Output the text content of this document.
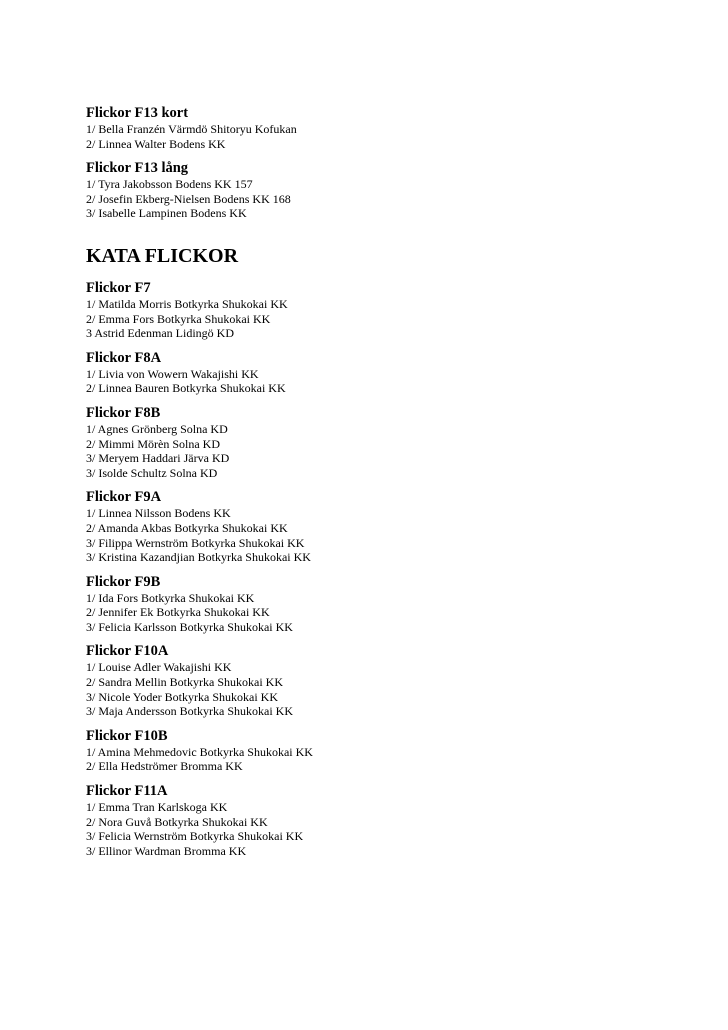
Flickor F13 kort
1/ Bella Franzén Värmdö Shitoryu Kofukan
2/ Linnea Walter Bodens KK
Flickor F13 lång
1/ Tyra Jakobsson Bodens KK 157
2/ Josefin Ekberg-Nielsen Bodens KK 168
3/ Isabelle Lampinen Bodens KK
KATA FLICKOR
Flickor F7
1/ Matilda Morris Botkyrka Shukokai KK
2/ Emma Fors Botkyrka Shukokai KK
3 Astrid Edenman Lidingö KD
Flickor F8A
1/ Livia von Wowern Wakajishi KK
2/ Linnea Bauren Botkyrka Shukokai KK
Flickor F8B
1/ Agnes Grönberg Solna KD
2/ Mimmi Mörèn Solna KD
3/ Meryem Haddari Järva KD
3/ Isolde Schultz Solna KD
Flickor F9A
1/ Linnea Nilsson Bodens KK
2/ Amanda Akbas Botkyrka Shukokai KK
3/ Filippa Wernström Botkyrka Shukokai KK
3/ Kristina Kazandjian Botkyrka Shukokai KK
Flickor F9B
1/ Ida Fors Botkyrka Shukokai KK
2/ Jennifer Ek Botkyrka Shukokai KK
3/ Felicia Karlsson Botkyrka Shukokai KK
Flickor F10A
1/ Louise Adler Wakajishi KK
2/ Sandra Mellin Botkyrka Shukokai KK
3/ Nicole Yoder Botkyrka Shukokai KK
3/ Maja Andersson Botkyrka Shukokai KK
Flickor F10B
1/ Amina Mehmedovic Botkyrka Shukokai KK
2/ Ella Hedströmer Bromma KK
Flickor F11A
1/ Emma Tran Karlskoga KK
2/ Nora Guvå Botkyrka Shukokai KK
3/ Felicia Wernström Botkyrka Shukokai KK
3/ Ellinor Wardman Bromma KK
